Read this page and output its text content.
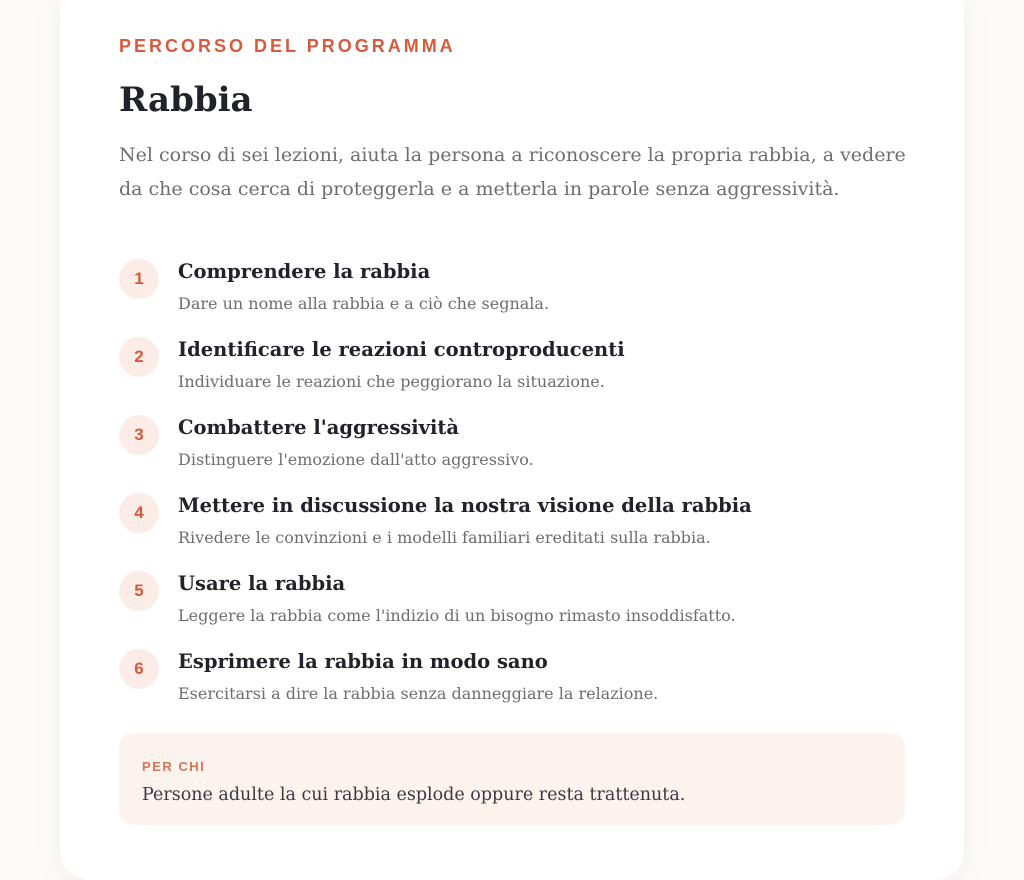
PERCORSO DEL PROGRAMMA

Rabbia

Nel corso di sei lezioni, aiuta la persona a riconoscere la propria rabbia, a vedere da che cosa cerca di proteggerla e a metterla in parole senza aggressività.

1	Comprendere la rabbia
Dare un nome alla rabbia e a ciò che segnala.
2	Identificare le reazioni controproducenti
Individuare le reazioni che peggiorano la situazione.
3	Combattere l'aggressività
Distinguere l'emozione dall'atto aggressivo.
4	Mettere in discussione la nostra visione della rabbia
Rivedere le convinzioni e i modelli familiari ereditati sulla rabbia.
5	Usare la rabbia
Leggere la rabbia come l'indizio di un bisogno rimasto insoddisfatto.
6	Esprimere la rabbia in modo sano
Esercitarsi a dire la rabbia senza danneggiare la relazione.
PER CHI
Persone adulte la cui rabbia esplode oppure resta trattenuta.
